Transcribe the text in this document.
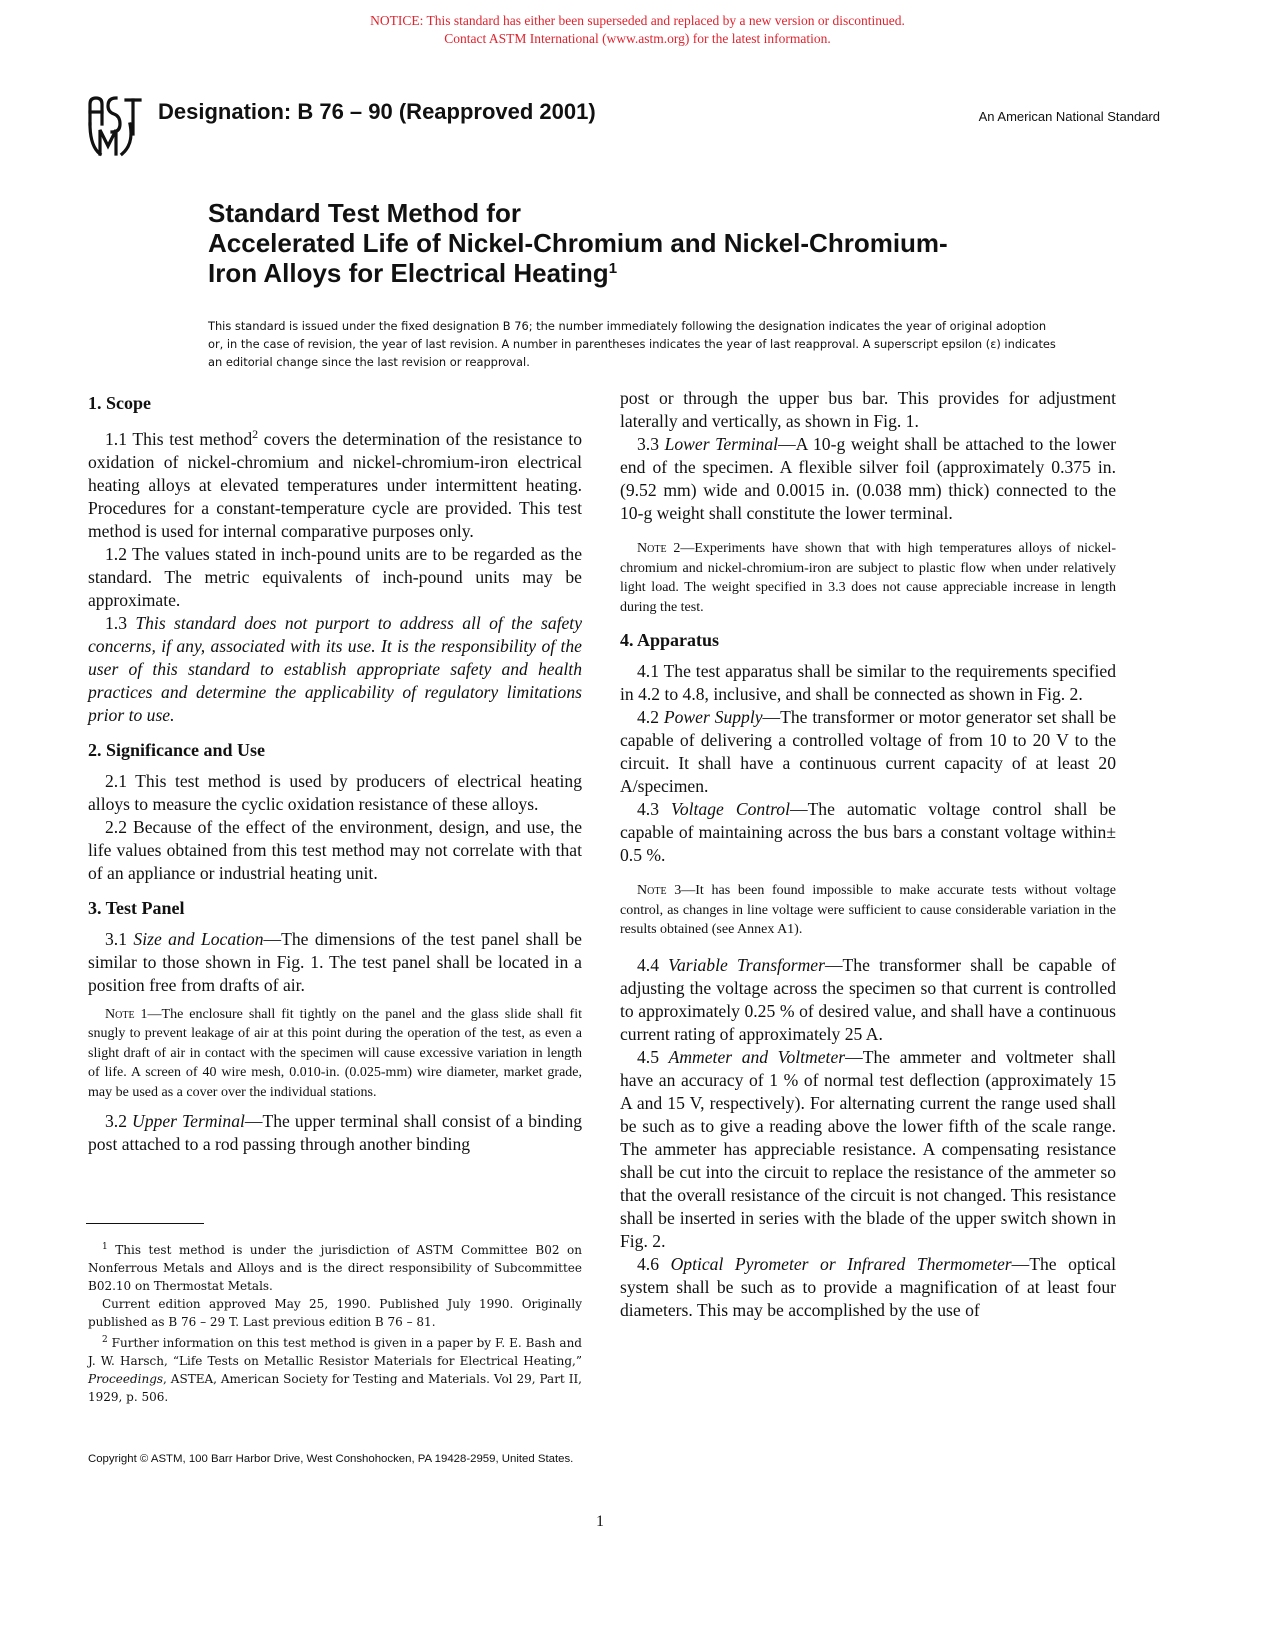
NOTICE: This standard has either been superseded and replaced by a new version or discontinued.
Contact ASTM International (www.astm.org) for the latest information.
Designation: B 76 – 90 (Reapproved 2001)	An American National Standard
Standard Test Method for
Accelerated Life of Nickel-Chromium and Nickel-Chromium-
Iron Alloys for Electrical Heating$^1$
This standard is issued under the fixed designation B 76; the number immediately following the designation indicates the year of original adoption or, in the case of revision, the year of last revision. A number in parentheses indicates the year of last reapproval. A superscript epsilon (ε) indicates an editorial change since the last revision or reapproval.
1. Scope

1.1 This test method$^2$ covers the determination of the resistance to oxidation of nickel-chromium and nickel-chromium-iron electrical heating alloys at elevated temperatures under intermittent heating. Procedures for a constant-temperature cycle are provided. This test method is used for internal comparative purposes only.

1.2 The values stated in inch-pound units are to be regarded as the standard. The metric equivalents of inch-pound units may be approximate.

1.3 This standard does not purport to address all of the safety concerns, if any, associated with its use. It is the responsibility of the user of this standard to establish appropriate safety and health practices and determine the applicability of regulatory limitations prior to use.

2. Significance and Use

2.1 This test method is used by producers of electrical heating alloys to measure the cyclic oxidation resistance of these alloys.

2.2 Because of the effect of the environment, design, and use, the life values obtained from this test method may not correlate with that of an appliance or industrial heating unit.

3. Test Panel

3.1 Size and Location—The dimensions of the test panel shall be similar to those shown in Fig. 1. The test panel shall be located in a position free from drafts of air.

Note 1—The enclosure shall fit tightly on the panel and the glass slide shall fit snugly to prevent leakage of air at this point during the operation of the test, as even a slight draft of air in contact with the specimen will cause excessive variation in length of life. A screen of 40 wire mesh, 0.010-in. (0.025-mm) wire diameter, market grade, may be used as a cover over the individual stations.

3.2 Upper Terminal—The upper terminal shall consist of a binding post attached to a rod passing through another binding

post or through the upper bus bar. This provides for adjustment laterally and vertically, as shown in Fig. 1.

3.3 Lower Terminal—A 10-g weight shall be attached to the lower end of the specimen. A flexible silver foil (approximately 0.375 in. (9.52 mm) wide and 0.0015 in. (0.038 mm) thick) connected to the 10-g weight shall constitute the lower terminal.

Note 2—Experiments have shown that with high temperatures alloys of nickel-chromium and nickel-chromium-iron are subject to plastic flow when under relatively light load. The weight specified in 3.3 does not cause appreciable increase in length during the test.

4. Apparatus

4.1 The test apparatus shall be similar to the requirements specified in 4.2 to 4.8, inclusive, and shall be connected as shown in Fig. 2.

4.2 Power Supply—The transformer or motor generator set shall be capable of delivering a controlled voltage of from 10 to 20 V to the circuit. It shall have a continuous current capacity of at least 20 A/specimen.

4.3 Voltage Control—The automatic voltage control shall be capable of maintaining across the bus bars a constant voltage within± 0.5 %.

Note 3—It has been found impossible to make accurate tests without voltage control, as changes in line voltage were sufficient to cause considerable variation in the results obtained (see Annex A1).

4.4 Variable Transformer—The transformer shall be capable of adjusting the voltage across the specimen so that current is controlled to approximately 0.25 % of desired value, and shall have a continuous current rating of approximately 25 A.

4.5 Ammeter and Voltmeter—The ammeter and voltmeter shall have an accuracy of 1 % of normal test deflection (approximately 15 A and 15 V, respectively). For alternating current the range used shall be such as to give a reading above the lower fifth of the scale range. The ammeter has appreciable resistance. A compensating resistance shall be cut into the circuit to replace the resistance of the ammeter so that the overall resistance of the circuit is not changed. This resistance shall be inserted in series with the blade of the upper switch shown in Fig. 2.

4.6 Optical Pyrometer or Infrared Thermometer—The optical system shall be such as to provide a magnification of at least four diameters. This may be accomplished by the use of

$^1$ This test method is under the jurisdiction of ASTM Committee B02 on Nonferrous Metals and Alloys and is the direct responsibility of Subcommittee B02.10 on Thermostat Metals.

Current edition approved May 25, 1990. Published July 1990. Originally published as B 76 – 29 T. Last previous edition B 76 – 81.

$^2$ Further information on this test method is given in a paper by F. E. Bash and J. W. Harsch, “Life Tests on Metallic Resistor Materials for Electrical Heating,” Proceedings, ASTEA, American Society for Testing and Materials. Vol 29, Part II, 1929, p. 506.

Copyright © ASTM, 100 Barr Harbor Drive, West Conshohocken, PA 19428-2959, United States.
1
